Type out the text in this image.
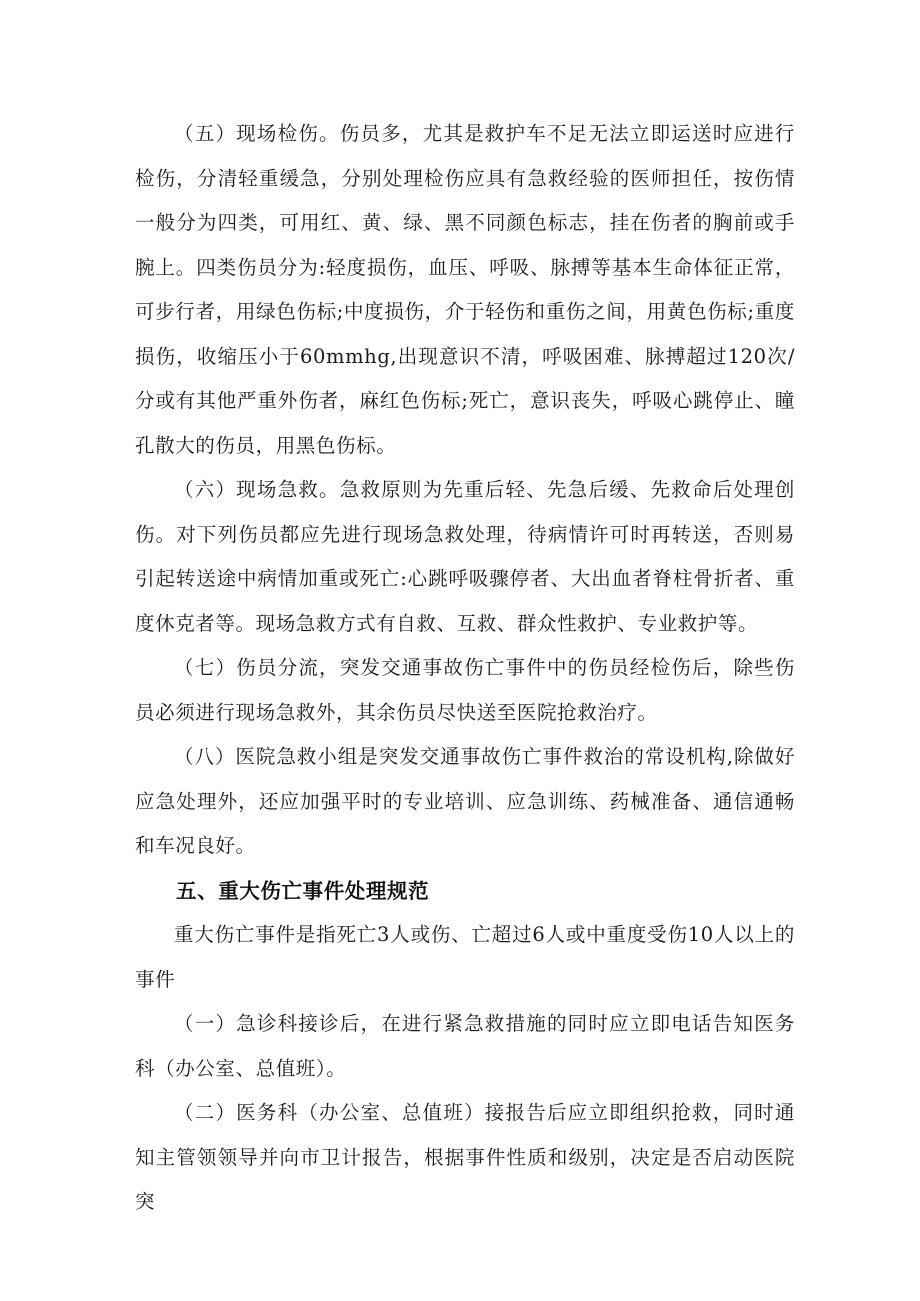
（五）现场检伤。伤员多，尤其是救护车不足无法立即运送时应进行检伤，分清轻重缓急，分别处理检伤应具有急救经验的医师担任，按伤情一般分为四类，可用红、黄、绿、黑不同颜色标志，挂在伤者的胸前或手腕上。四类伤员分为:轻度损伤，血压、呼吸、脉搏等基本生命体征正常，可步行者，用绿色伤标;中度损伤，介于轻伤和重伤之间，用黄色伤标;重度损伤，收缩压小于60mmhg,出现意识不清，呼吸困难、脉搏超过120次/分或有其他严重外伤者，麻红色伤标;死亡，意识丧失，呼吸心跳停止、瞳孔散大的伤员，用黑色伤标。

（六）现场急救。急救原则为先重后轻、先急后缓、先救命后处理创伤。对下列伤员都应先进行现场急救处理，待病情许可时再转送，否则易引起转送途中病情加重或死亡:心跳呼吸骤停者、大出血者脊柱骨折者、重度休克者等。现场急救方式有自救、互救、群众性救护、专业救护等。

（七）伤员分流，突发交通事故伤亡事件中的伤员经检伤后，除些伤员必须进行现场急救外，其余伤员尽快送至医院抢救治疗。

（八）医院急救小组是突发交通事故伤亡事件救治的常设机构,除做好应急处理外，还应加强平时的专业培训、应急训练、药械准备、通信通畅和车况良好。

五、重大伤亡事件处理规范

重大伤亡事件是指死亡3人或伤、亡超过6人或中重度受伤10人以上的事件

（一）急诊科接诊后，在进行紧急救措施的同时应立即电话告知医务科（办公室、总值班）。

（二）医务科（办公室、总值班）接报告后应立即组织抢救，同时通知主管领领导并向市卫计报告，根据事件性质和级别，决定是否启动医院突
